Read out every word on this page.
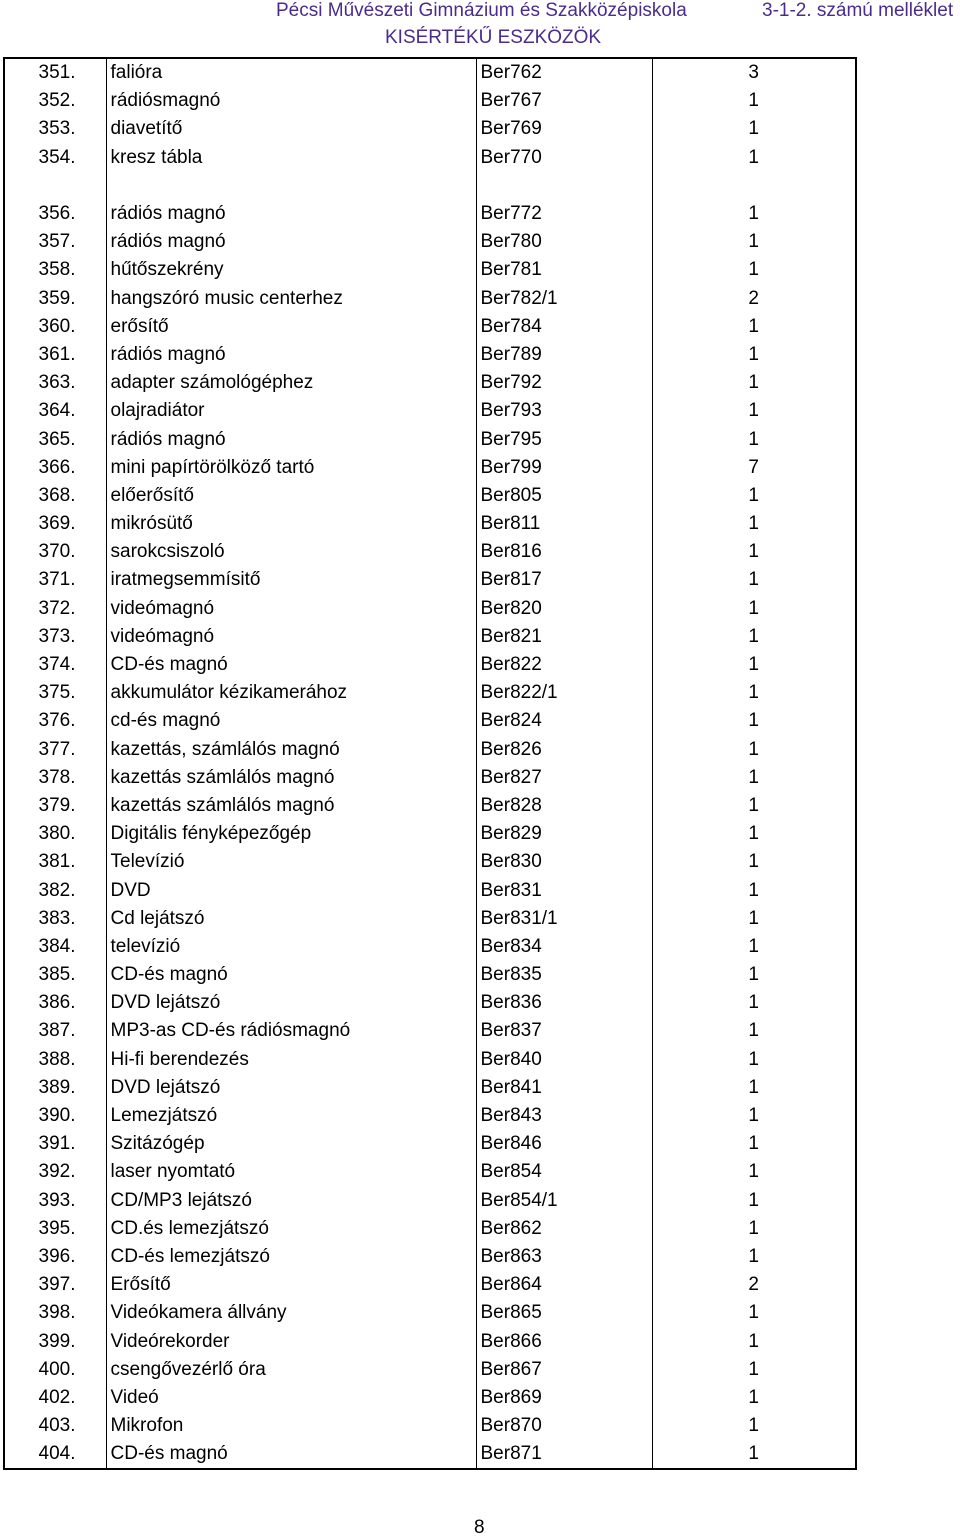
Pécsi Művészeti Gimnázium és Szakközépiskola
KISÉRTÉKŰ ESZKÖZÖK
3-1-2. számú melléklet
351.	falióra	Ber762	3
352.	rádiósmagnó	Ber767	1
353.	diavetítő	Ber769	1
354.	kresz tábla	Ber770	1

356.	rádiós magnó	Ber772	1
357.	rádiós magnó	Ber780	1
358.	hűtőszekrény	Ber781	1
359.	hangszóró music centerhez	Ber782/1	2
360.	erősítő	Ber784	1
361.	rádiós magnó	Ber789	1
363.	adapter számológéphez	Ber792	1
364.	olajradiátor	Ber793	1
365.	rádiós magnó	Ber795	1
366.	mini papírtörölköző tartó	Ber799	7
368.	előerősítő	Ber805	1
369.	mikrósütő	Ber811	1
370.	sarokcsiszoló	Ber816	1
371.	iratmegsemmísitő	Ber817	1
372.	videómagnó	Ber820	1
373.	videómagnó	Ber821	1
374.	CD-és magnó	Ber822	1
375.	akkumulátor kézikamerához	Ber822/1	1
376.	cd-és magnó	Ber824	1
377.	kazettás, számlálós magnó	Ber826	1
378.	kazettás számlálós magnó	Ber827	1
379.	kazettás számlálós magnó	Ber828	1
380.	Digitális fényképezőgép	Ber829	1
381.	Televízió	Ber830	1
382.	DVD	Ber831	1
383.	Cd lejátszó	Ber831/1	1
384.	televízió	Ber834	1
385.	CD-és magnó	Ber835	1
386.	DVD lejátszó	Ber836	1
387.	MP3-as CD-és rádiósmagnó	Ber837	1
388.	Hi-fi berendezés	Ber840	1
389.	DVD lejátszó	Ber841	1
390.	Lemezjátszó	Ber843	1
391.	Szitázógép	Ber846	1
392.	laser nyomtató	Ber854	1
393.	CD/MP3 lejátszó	Ber854/1	1
395.	CD.és lemezjátszó	Ber862	1
396.	CD-és lemezjátszó	Ber863	1
397.	Erősítő	Ber864	2
398.	Videókamera állvány	Ber865	1
399.	Videórekorder	Ber866	1
400.	csengővezérlő óra	Ber867	1
402.	Videó	Ber869	1
403.	Mikrofon	Ber870	1
404.	CD-és magnó	Ber871	1
8
